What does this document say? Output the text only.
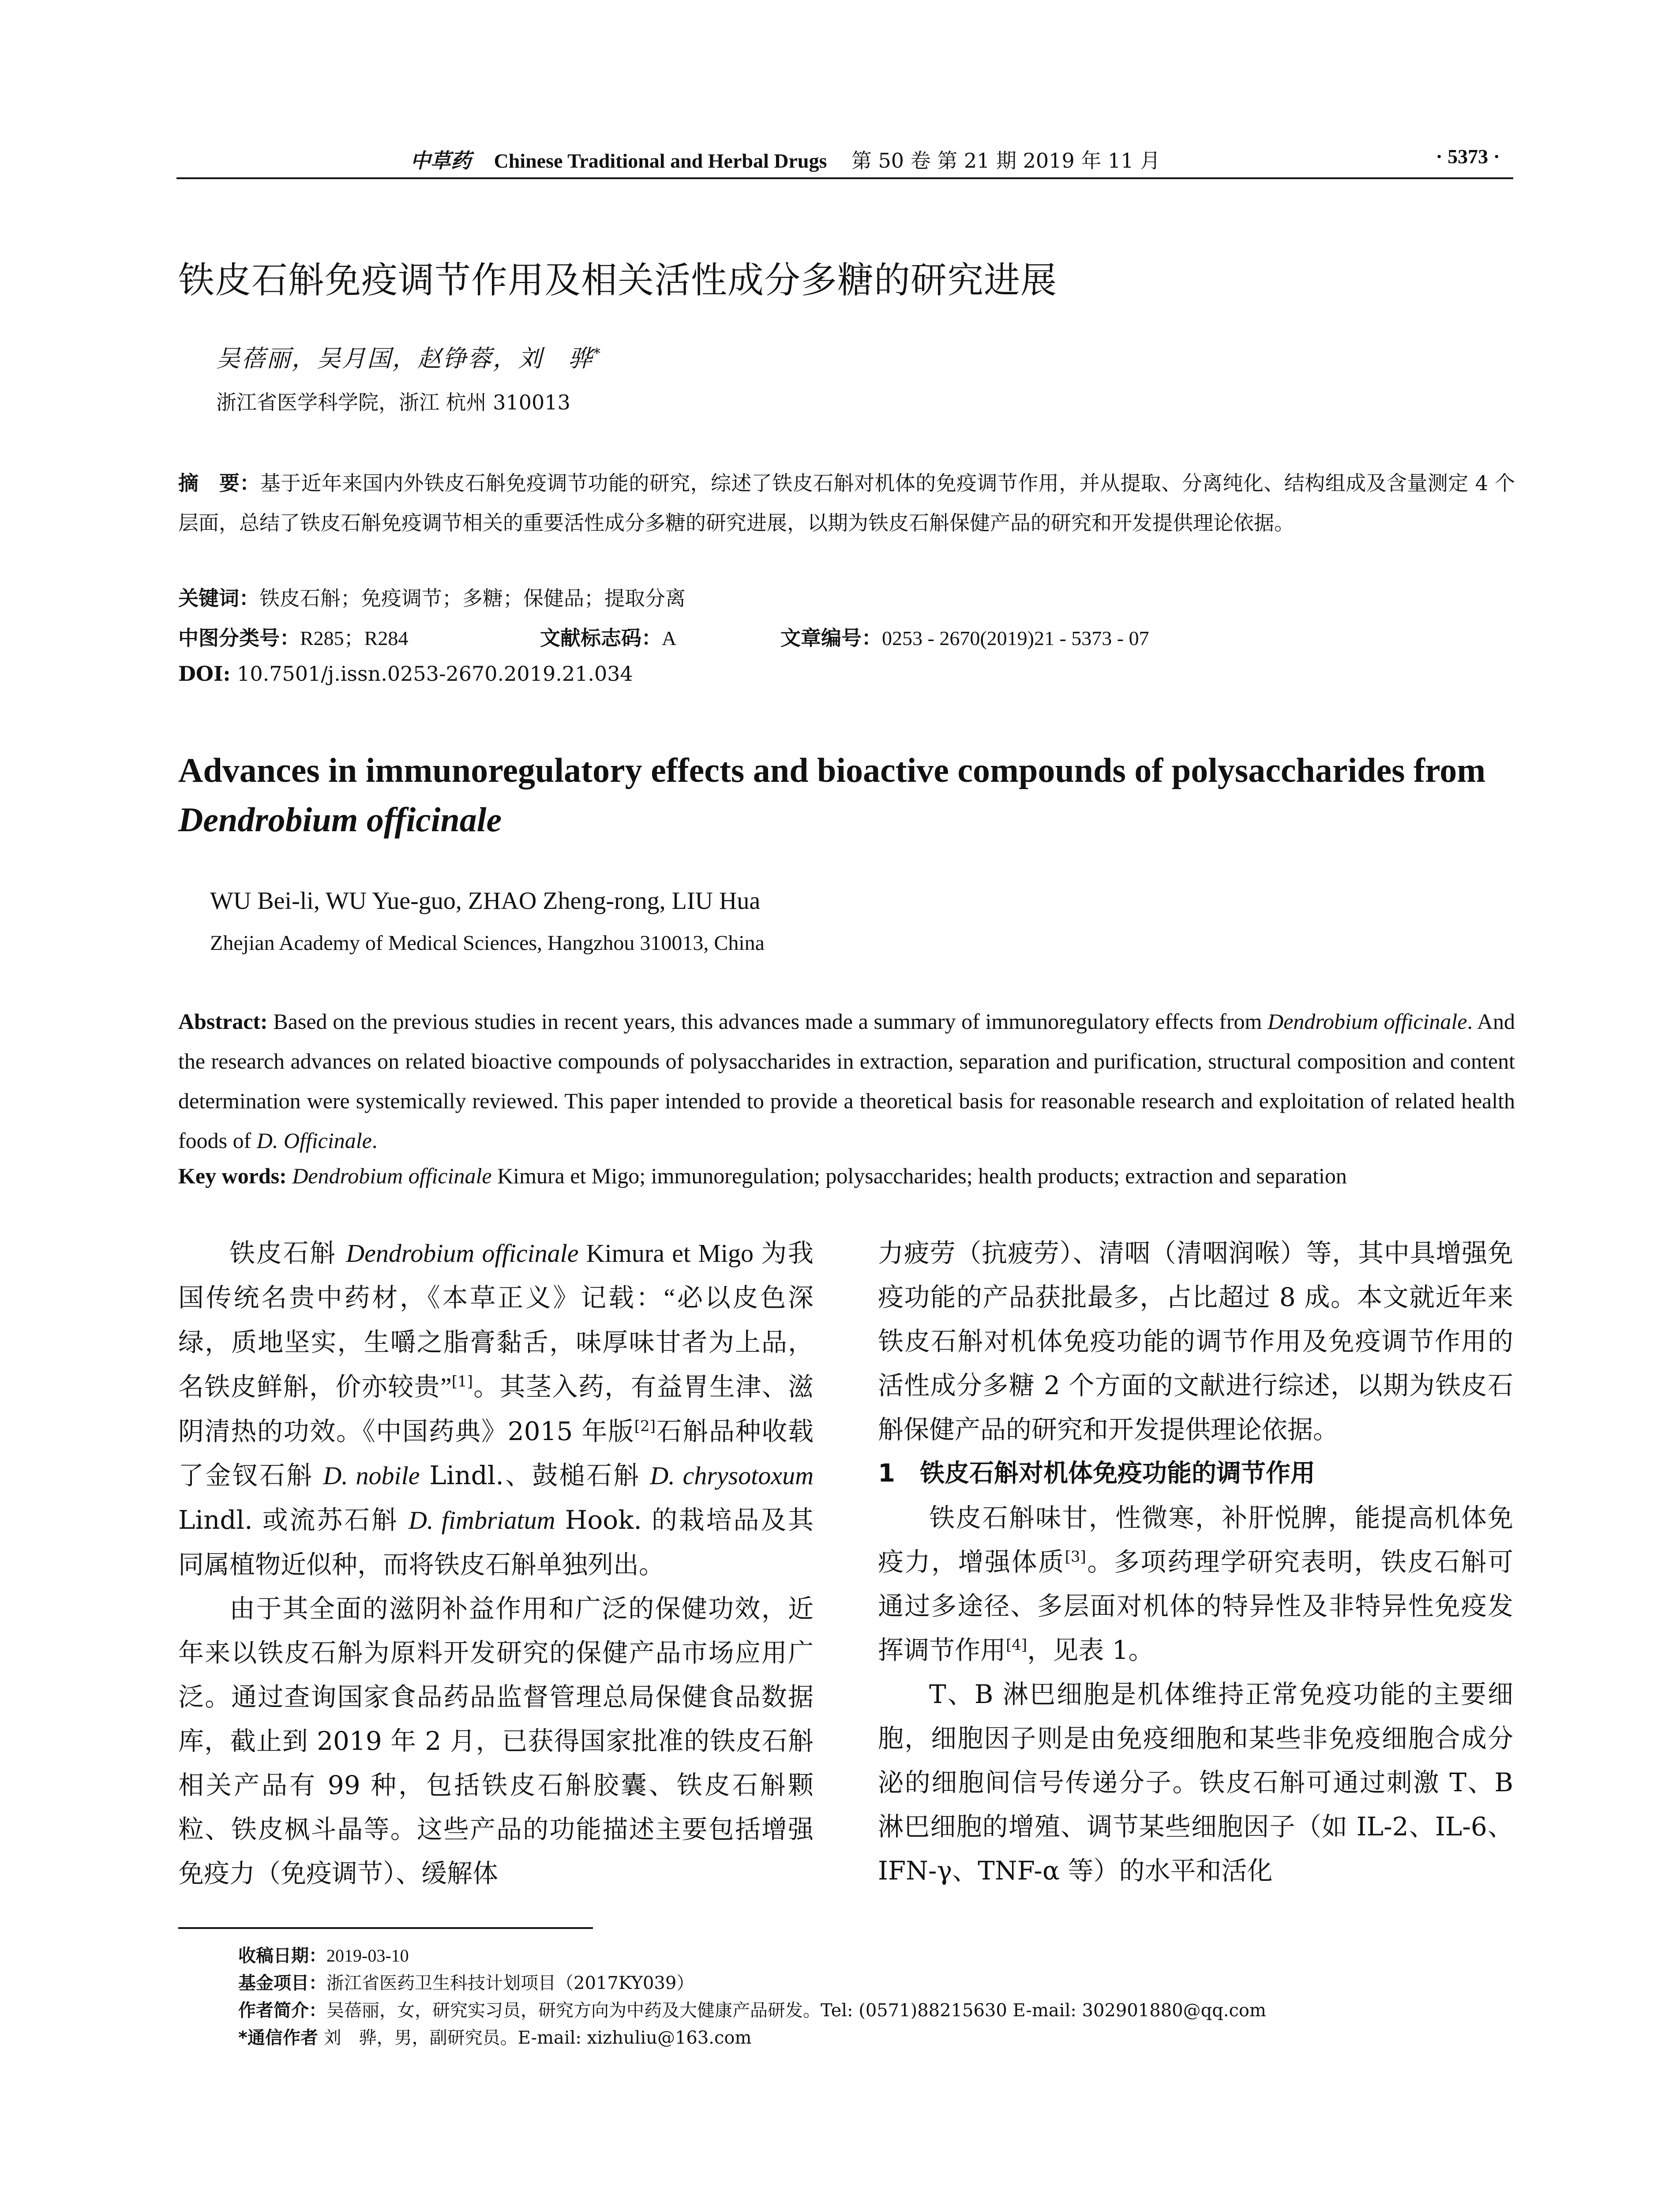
中草药 Chinese Traditional and Herbal Drugs 第 50 卷 第 21 期 2019 年 11 月	· 5373 ·
铁皮石斛免疫调节作用及相关活性成分多糖的研究进展
吴蓓丽，吴月国，赵铮蓉，刘　骅*
浙江省医学科学院，浙江 杭州 310013
摘　要：基于近年来国内外铁皮石斛免疫调节功能的研究，综述了铁皮石斛对机体的免疫调节作用，并从提取、分离纯化、结构组成及含量测定 4 个层面，总结了铁皮石斛免疫调节相关的重要活性成分多糖的研究进展，以期为铁皮石斛保健产品的研究和开发提供理论依据。
关键词：铁皮石斛；免疫调节；多糖；保健品；提取分离
中图分类号：R285；R284	文献标志码：A	文章编号：0253 - 2670(2019)21 - 5373 - 07
DOI: 10.7501/j.issn.0253-2670.2019.21.034
Advances in immunoregulatory effects and bioactive compounds of polysaccharides from Dendrobium officinale
WU Bei-li, WU Yue-guo, ZHAO Zheng-rong, LIU Hua
Zhejian Academy of Medical Sciences, Hangzhou 310013, China
Abstract: Based on the previous studies in recent years, this advances made a summary of immunoregulatory effects from Dendrobium officinale. And the research advances on related bioactive compounds of polysaccharides in extraction, separation and purification, structural composition and content determination were systemically reviewed. This paper intended to provide a theoretical basis for reasonable research and exploitation of related health foods of D. Officinale.
Key words: Dendrobium officinale Kimura et Migo; immunoregulation; polysaccharides; health products; extraction and separation

铁皮石斛 Dendrobium officinale Kimura et Migo 为我国传统名贵中药材，《本草正义》记载：“必以皮色深绿，质地坚实，生嚼之脂膏黏舌，味厚味甘者为上品，名铁皮鲜斛，价亦较贵”[1]。其茎入药，有益胃生津、滋阴清热的功效。《中国药典》2015 年版[2]石斛品种收载了金钗石斛 D. nobile Lindl.、鼓槌石斛 D. chrysotoxum Lindl. 或流苏石斛 D. fimbriatum Hook. 的栽培品及其同属植物近似种，而将铁皮石斛单独列出。

由于其全面的滋阴补益作用和广泛的保健功效，近年来以铁皮石斛为原料开发研究的保健产品市场应用广泛。通过查询国家食品药品监督管理总局保健食品数据库，截止到 2019 年 2 月，已获得国家批准的铁皮石斛相关产品有 99 种，包括铁皮石斛胶囊、铁皮石斛颗粒、铁皮枫斗晶等。这些产品的功能描述主要包括增强免疫力（免疫调节）、缓解体

力疲劳（抗疲劳）、清咽（清咽润喉）等，其中具增强免疫功能的产品获批最多，占比超过 8 成。本文就近年来铁皮石斛对机体免疫功能的调节作用及免疫调节作用的活性成分多糖 2 个方面的文献进行综述，以期为铁皮石斛保健产品的研究和开发提供理论依据。

1　铁皮石斛对机体免疫功能的调节作用

铁皮石斛味甘，性微寒，补肝悦脾，能提高机体免疫力，增强体质[3]。多项药理学研究表明，铁皮石斛可通过多途径、多层面对机体的特异性及非特异性免疫发挥调节作用[4]，见表 1。

T、B 淋巴细胞是机体维持正常免疫功能的主要细胞，细胞因子则是由免疫细胞和某些非免疫细胞合成分泌的细胞间信号传递分子。铁皮石斛可通过刺激 T、B 淋巴细胞的增殖、调节某些细胞因子（如 IL-2、IL-6、IFN-γ、TNF-α 等）的水平和活化

收稿日期：2019-03-10
基金项目：浙江省医药卫生科技计划项目（2017KY039）
作者简介：吴蓓丽，女，研究实习员，研究方向为中药及大健康产品研发。Tel: (0571)88215630 E-mail: 302901880@qq.com
*通信作者 刘　骅，男，副研究员。E-mail: xizhuliu@163.com
